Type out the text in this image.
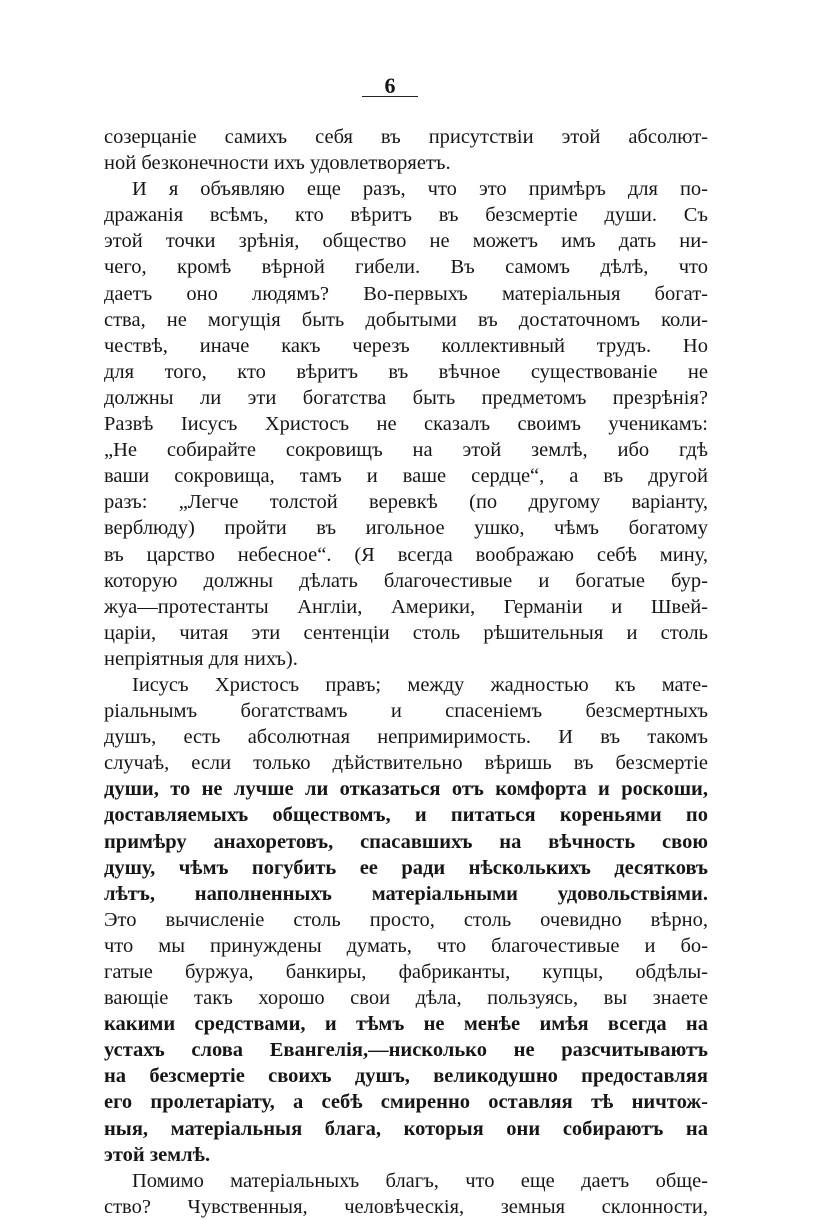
6

созерцаніе самихъ себя въ присутствіи этой абсолют-
ной безконечности ихъ удовлетворяетъ.

И я объявляю еще разъ, что это примѣръ для по-
дражанія всѣмъ, кто вѣритъ въ безсмертіе души. Съ
этой точки зрѣнія, общество не можетъ имъ дать ни-
чего, кромѣ вѣрной гибели. Въ самомъ дѣлѣ, что
даетъ оно людямъ? Во-первыхъ матеріальныя богат-
ства, не могущія быть добытыми въ достаточномъ коли-
чествѣ, иначе какъ черезъ коллективный трудъ. Но
для того, кто вѣритъ въ вѣчное существованіе не
должны ли эти богатства быть предметомъ презрѣнія?
Развѣ Іисусъ Христосъ не сказалъ своимъ ученикамъ:
„Не собирайте сокровищъ на этой землѣ, ибо гдѣ
ваши сокровища, тамъ и ваше сердце“, а въ другой
разъ: „Легче толстой веревкѣ (по другому варіанту,
верблюду) пройти въ игольное ушко, чѣмъ богатому
въ царство небесное“. (Я всегда воображаю себѣ мину,
которую должны дѣлать благочестивые и богатые бур-
жуа—протестанты Англіи, Америки, Германіи и Швей-
царіи, читая эти сентенціи столь рѣшительныя и столь
непріятныя для нихъ).

Іисусъ Христосъ правъ; между жадностью къ мате-
ріальнымъ богатствамъ и спасеніемъ безсмертныхъ
душъ, есть абсолютная непримиримость. И въ такомъ
случаѣ, если только дѣйствительно вѣришь въ безсмертіе
души, то не лучше ли отказаться отъ комфорта и роскоши,
доставляемыхъ обществомъ, и питаться кореньями по
примѣру анахоретовъ, спасавшихъ на вѣчность свою
душу, чѣмъ погубить ее ради нѣсколькихъ десятковъ
лѣтъ, наполненныхъ матеріальными удовольствіями.
Это вычисленіе столь просто, столь очевидно вѣрно,
что мы принуждены думать, что благочестивые и бо-
гатые буржуа, банкиры, фабриканты, купцы, обдѣлы-
вающіе такъ хорошо свои дѣла, пользуясь, вы знаете
какими средствами, и тѣмъ не менѣе имѣя всегда на
устахъ слова Евангелія,—нисколько не разсчитываютъ
на безсмертіе своихъ душъ, великодушно предоставляя
его пролетаріату, а себѣ смиренно оставляя тѣ ничтож-
ныя, матеріальныя блага, которыя они собираютъ на
этой землѣ.

Помимо матеріальныхъ благъ, что еще даетъ обще-
ство? Чувственныя, человѣческія, земныя склонности,
